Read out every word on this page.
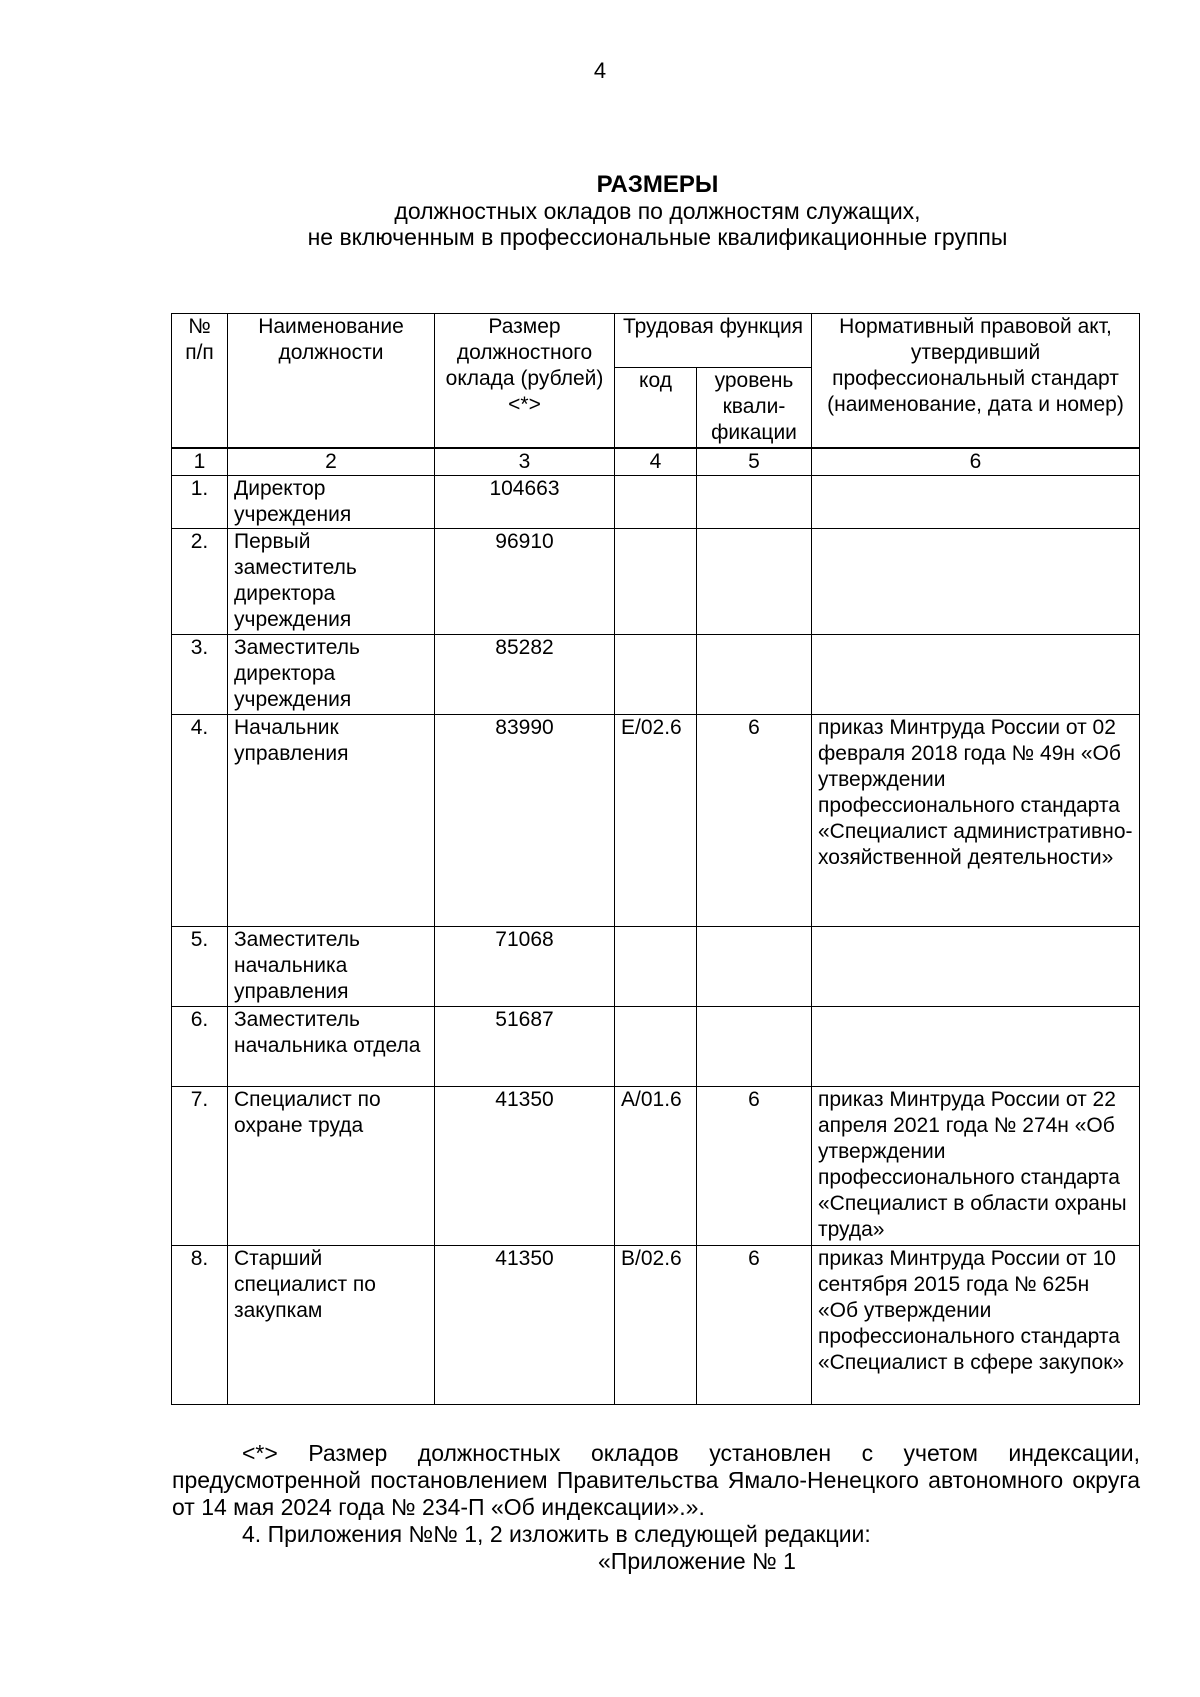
4
РАЗМЕРЫ
должностных окладов по должностям служащих,
не включенным в профессиональные квалификационные группы
№ п/п	Наименование должности	Размер должностного оклада (рублей) <*>	Трудовая функция		Нормативный правовой акт, утвердивший профессиональный стандарт (наименование, дата и номер)
			код	уровень квали-фикации	
1	2	3	4	5	6
1.	Директор учреждения	104663			
2.	Первый заместитель директора учреждения	96910			
3.	Заместитель директора учреждения	85282			
4.	Начальник управления	83990	Е/02.6	6	приказ Минтруда России от 02 февраля 2018 года № 49н «Об утверждении профессионального стандарта «Специалист административно-хозяйственной деятельности»
5.	Заместитель начальника управления	71068			
6.	Заместитель начальника отдела	51687			
7.	Специалист по охране труда	41350	А/01.6	6	приказ Минтруда России от 22 апреля 2021 года № 274н «Об утверждении профессионального стандарта «Специалист в области охраны труда»
8.	Старший специалист по закупкам	41350	В/02.6	6	приказ Минтруда России от 10 сентября 2015 года № 625н «Об утверждении профессионального стандарта «Специалист в сфере закупок»

<*> Размер должностных окладов установлен с учетом индексации, предусмотренной постановлением Правительства Ямало-Ненецкого автономного округа от 14 мая 2024 года № 234-П «Об индексации».».

4. Приложения №№ 1, 2 изложить в следующей редакции:

«Приложение № 1
